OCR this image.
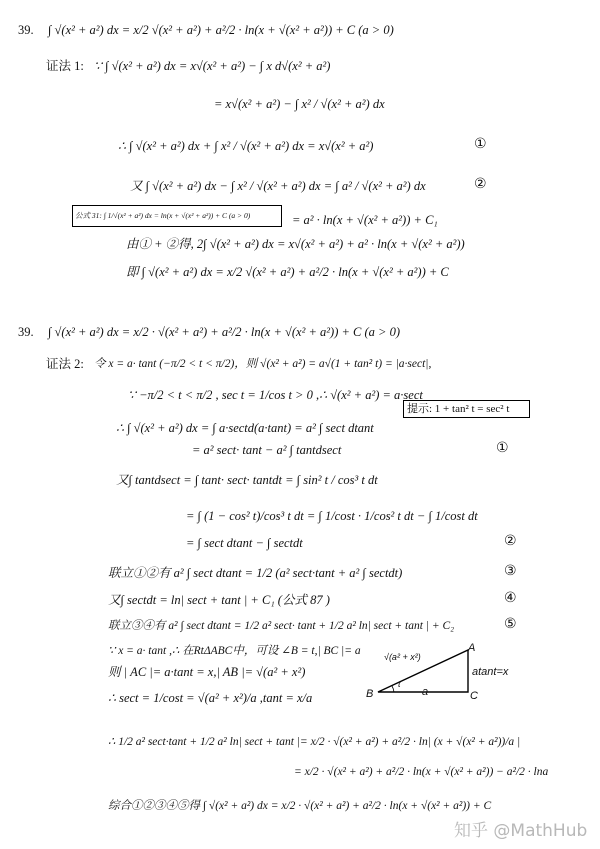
39. ∫ √(x² + a²) dx = x/2 √(x² + a²) + a²/2 · ln(x + √(x² + a²)) + C (a > 0)
证法 1: ∵ ∫ √(x² + a²) dx = x√(x² + a²) − ∫ x d√(x² + a²)
= x√(x² + a²) − ∫ x² / √(x² + a²) dx
∴ ∫ √(x² + a²) dx + ∫ x² / √(x² + a²) dx = x√(x² + a²)	①
又 ∫ √(x² + a²) dx − ∫ x² / √(x² + a²) dx = ∫ a² / √(x² + a²) dx	②
公式 31: ∫ 1/√(x² + a²) dx = ln(x + √(x² + a²)) + C (a > 0)	= a² · ln(x + √(x² + a²)) + C₁
由① + ②得, 2∫ √(x² + a²) dx = x√(x² + a²) + a² · ln(x + √(x² + a²))
即 ∫ √(x² + a²) dx = x/2 √(x² + a²) + a²/2 · ln(x + √(x² + a²)) + C
39. ∫ √(x² + a²) dx = x/2 · √(x² + a²) + a²/2 · ln(x + √(x² + a²)) + C (a > 0)
证法 2: 令 x = a· tant (−π/2 < t < π/2)，则 √(x² + a²) = a√(1 + tan² t) = |a·sect|,
∵ −π/2 < t < π/2 , sec t = 1/cos t > 0 ,∴ √(x² + a²) = a·sect
提示: 1 + tan² t = sec² t
∴ ∫ √(x² + a²) dx = ∫ a·sectd(a·tant) = a² ∫ sect dtant
= a² sect· tant − a² ∫ tantdsect	①
又∫ tantdsect = ∫ tant· sect· tantdt = ∫ sin² t / cos³ t dt
= ∫ (1 − cos² t)/cos³ t dt = ∫ 1/cost · 1/cos² t dt − ∫ 1/cost dt
= ∫ sect dtant − ∫ sectdt	②
联立①②有 a² ∫ sect dtant = 1/2 (a² sect·tant + a² ∫ sectdt)	③
又∫ sectdt = ln| sect + tant | + C₁ (公式 87 )	④
联立③④有 a² ∫ sect dtant = 1/2 a² sect· tant + 1/2 a² ln| sect + tant | + C₂	⑤
∵ x = a· tant ,∴ 在RtΔABC中，可设 ∠B = t,| BC |= a
则 | AC |= a·tant = x,| AB |= √(a² + x²)
∴ sect = 1/cost = √(a² + x²)/a ,tant = x/a
A
B	C
√(a² + x²)
a
t
atant=x
∴ 1/2 a² sect·tant + 1/2 a² ln| sect + tant |= x/2 · √(x² + a²) + a²/2 · ln| (x + √(x² + a²))/a |
= x/2 · √(x² + a²) + a²/2 · ln(x + √(x² + a²)) − a²/2 · lna
综合①②③④⑤得 ∫ √(x² + a²) dx = x/2 · √(x² + a²) + a²/2 · ln(x + √(x² + a²)) + C
知乎 @MathHub
